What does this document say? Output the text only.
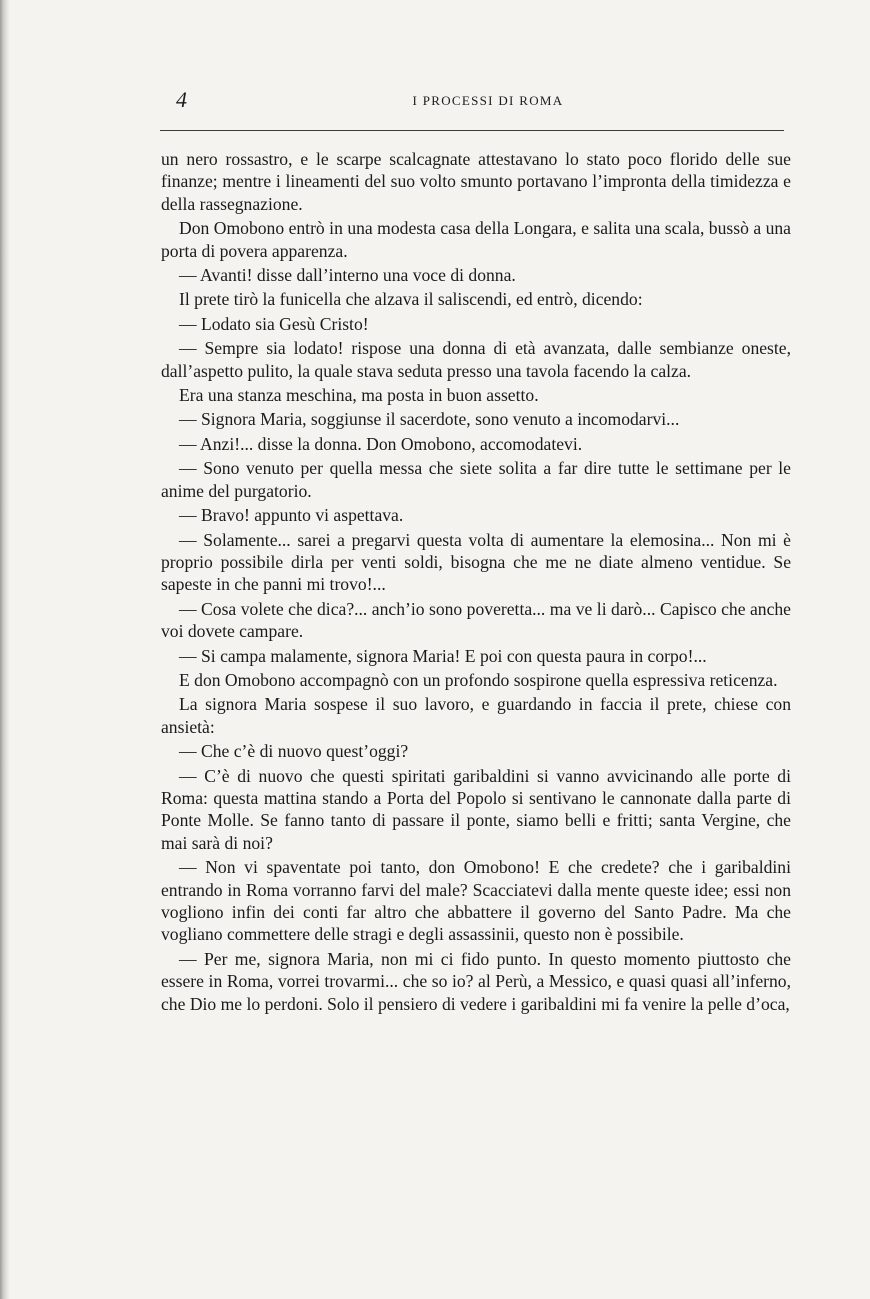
4	I PROCESSI DI ROMA

un nero rossastro, e le scarpe scalcagnate attestavano lo stato poco florido delle sue finanze; mentre i lineamenti del suo volto smunto portavano l’impronta della timidezza e della rassegnazione.

Don Omobono entrò in una modesta casa della Longara, e salita una scala, bussò a una porta di povera apparenza.

— Avanti! disse dall’interno una voce di donna.

Il prete tirò la funicella che alzava il saliscendi, ed entrò, dicendo:

— Lodato sia Gesù Cristo!

— Sempre sia lodato! rispose una donna di età avanzata, dalle sembianze oneste, dall’aspetto pulito, la quale stava seduta presso una tavola facendo la calza.

Era una stanza meschina, ma posta in buon assetto.

— Signora Maria, soggiunse il sacerdote, sono venuto a incomodarvi...

— Anzi!... disse la donna. Don Omobono, accomodatevi.

— Sono venuto per quella messa che siete solita a far dire tutte le settimane per le anime del purgatorio.

— Bravo! appunto vi aspettava.

— Solamente... sarei a pregarvi questa volta di aumentare la elemosina... Non mi è proprio possibile dirla per venti soldi, bisogna che me ne diate almeno ventidue. Se sapeste in che panni mi trovo!...

— Cosa volete che dica?... anch’io sono poveretta... ma ve li darò... Capisco che anche voi dovete campare.

— Si campa malamente, signora Maria! E poi con questa paura in corpo!...

E don Omobono accompagnò con un profondo sospirone quella espressiva reticenza.

La signora Maria sospese il suo lavoro, e guardando in faccia il prete, chiese con ansietà:

— Che c’è di nuovo quest’oggi?

— C’è di nuovo che questi spiritati garibaldini si vanno avvicinando alle porte di Roma: questa mattina stando a Porta del Popolo si sentivano le cannonate dalla parte di Ponte Molle. Se fanno tanto di passare il ponte, siamo belli e fritti; santa Vergine, che mai sarà di noi?

— Non vi spaventate poi tanto, don Omobono! E che credete? che i garibaldini entrando in Roma vorranno farvi del male? Scacciatevi dalla mente queste idee; essi non vogliono infin dei conti far altro che abbattere il governo del Santo Padre. Ma che vogliano commettere delle stragi e degli assassinii, questo non è possibile.

— Per me, signora Maria, non mi ci fido punto. In questo momento piuttosto che essere in Roma, vorrei trovarmi... che so io? al Perù, a Messico, e quasi quasi all’inferno, che Dio me lo perdoni. Solo il pensiero di vedere i garibaldini mi fa venire la pelle d’oca,
